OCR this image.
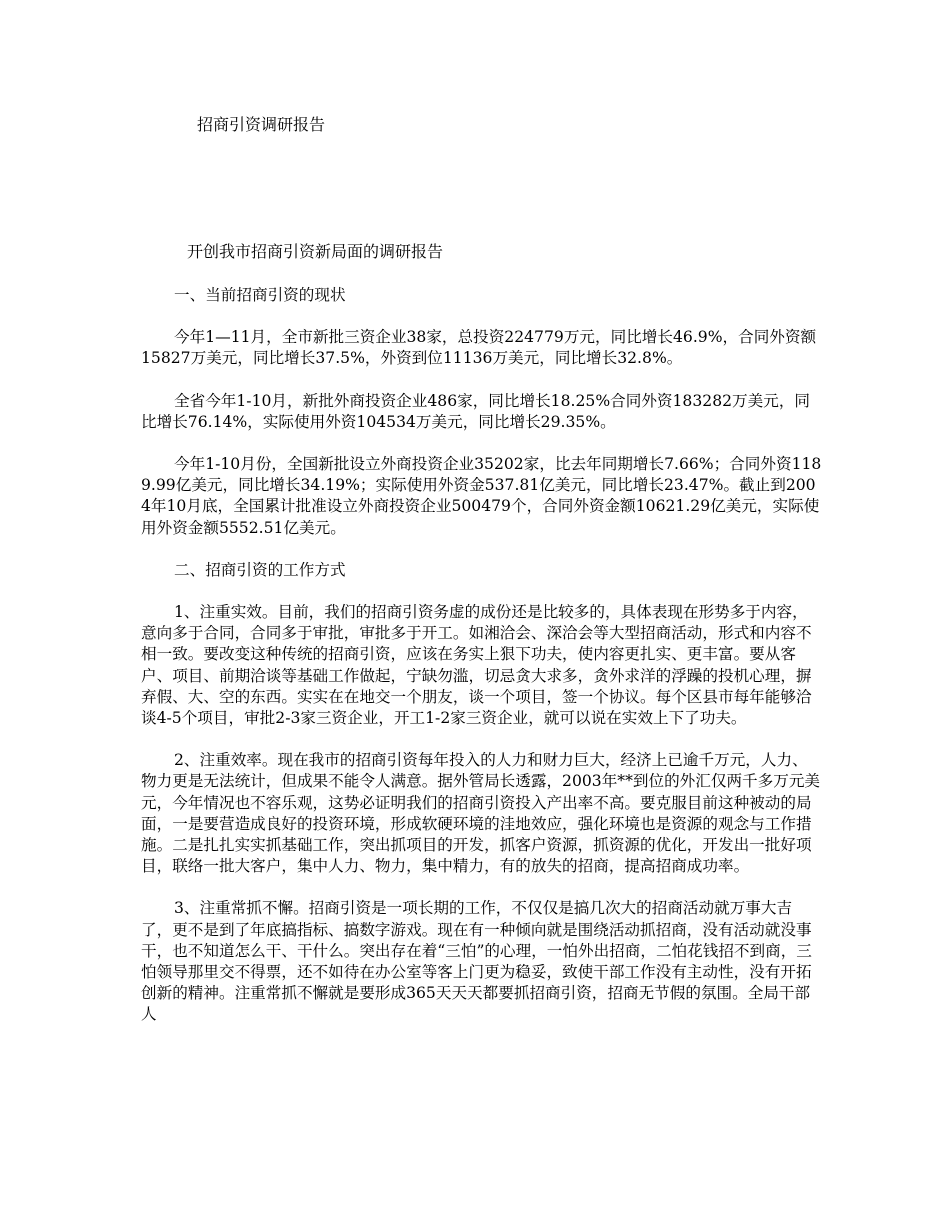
招商引资调研报告
开创我市招商引资新局面的调研报告
一、当前招商引资的现状

今年1—11月，全市新批三资企业38家，总投资224779万元，同比增长46.9%，合同外资额15827万美元，同比增长37.5%，外资到位11136万美元，同比增长32.8%。

全省今年1-10月，新批外商投资企业486家，同比增长18.25%合同外资183282万美元，同比增长76.14%，实际使用外资104534万美元，同比增长29.35%。

今年1-10月份，全国新批设立外商投资企业35202家，比去年同期增长7.66%；合同外资1189.99亿美元，同比增长34.19%；实际使用外资金537.81亿美元，同比增长23.47%。截止到2004年10月底，全国累计批准设立外商投资企业500479个，合同外资金额10621.29亿美元，实际使用外资金额5552.51亿美元。

二、招商引资的工作方式

1、注重实效。目前，我们的招商引资务虚的成份还是比较多的，具体表现在形势多于内容，意向多于合同，合同多于审批，审批多于开工。如湘洽会、深洽会等大型招商活动，形式和内容不相一致。要改变这种传统的招商引资，应该在务实上狠下功夫，使内容更扎实、更丰富。要从客户、项目、前期洽谈等基础工作做起，宁缺勿滥，切忌贪大求多，贪外求洋的浮躁的投机心理，摒弃假、大、空的东西。实实在在地交一个朋友，谈一个项目，签一个协议。每个区县市每年能够洽谈4-5个项目，审批2-3家三资企业，开工1-2家三资企业，就可以说在实效上下了功夫。

2、注重效率。现在我市的招商引资每年投入的人力和财力巨大，经济上已逾千万元，人力、物力更是无法统计，但成果不能令人满意。据外管局长透露，2003年**到位的外汇仅两千多万元美元，今年情况也不容乐观，这势必证明我们的招商引资投入产出率不高。要克服目前这种被动的局面，一是要营造成良好的投资环境，形成软硬环境的洼地效应，强化环境也是资源的观念与工作措施。二是扎扎实实抓基础工作，突出抓项目的开发，抓客户资源，抓资源的优化，开发出一批好项目，联络一批大客户，集中人力、物力，集中精力，有的放失的招商，提高招商成功率。

3、注重常抓不懈。招商引资是一项长期的工作，不仅仅是搞几次大的招商活动就万事大吉了，更不是到了年底搞指标、搞数字游戏。现在有一种倾向就是围绕活动抓招商，没有活动就没事干，也不知道怎么干、干什么。突出存在着“三怕”的心理，一怕外出招商，二怕花钱招不到商，三怕领导那里交不得票，还不如待在办公室等客上门更为稳妥，致使干部工作没有主动性，没有开拓创新的精神。注重常抓不懈就是要形成365天天天都要抓招商引资，招商无节假的氛围。全局干部人
